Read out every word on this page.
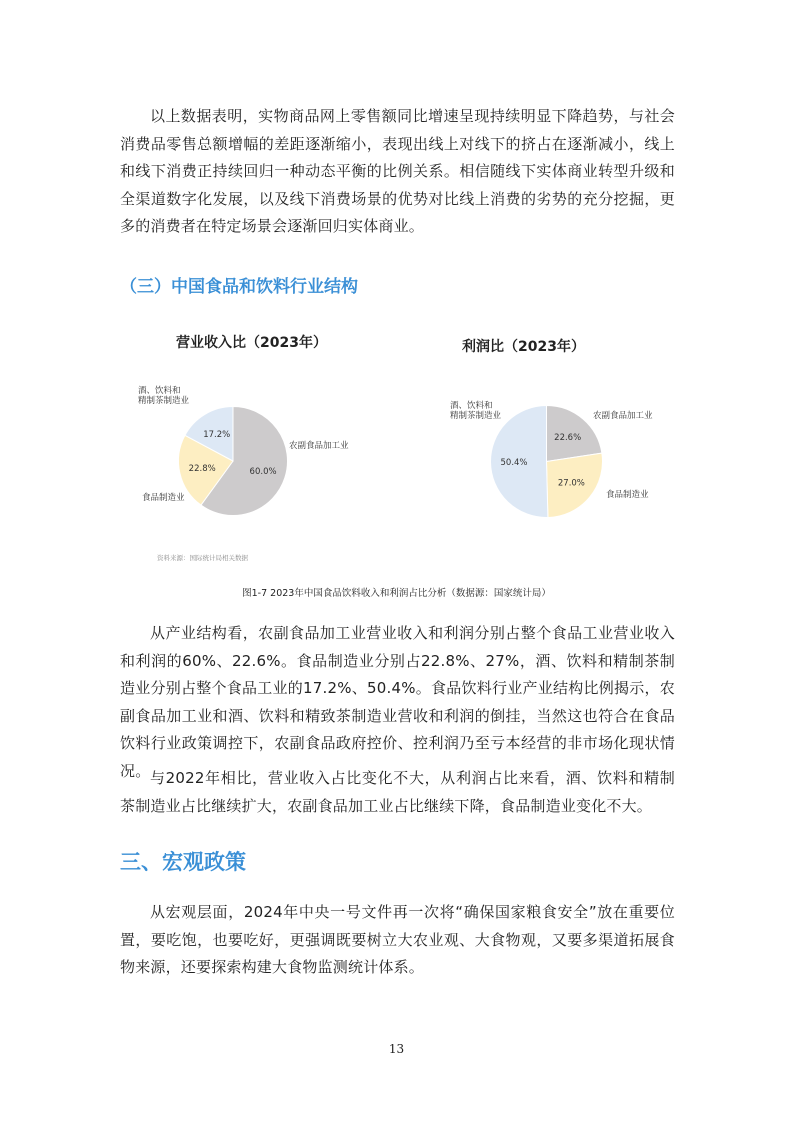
以上数据表明，实物商品网上零售额同比增速呈现持续明显下降趋势，与社会消费品零售总额增幅的差距逐渐缩小，表现出线上对线下的挤占在逐渐减小，线上和线下消费正持续回归一种动态平衡的比例关系。相信随线下实体商业转型升级和全渠道数字化发展，以及线下消费场景的优势对比线上消费的劣势的充分挖掘，更多的消费者在特定场景会逐渐回归实体商业。

（三）中国食品和饮料行业结构
营业收入比（2023年）
60.0%
22.8%
17.2%
农副食品加工业
食品制造业
酒、饮料和
精制茶制造业
利润比（2023年）
22.6%
27.0%
50.4%
农副食品加工业
食品制造业
酒、饮料和
精制茶制造业
资料来源：国际统计局相关数据

图1-7 2023年中国食品饮料收入和利润占比分析（数据源：国家统计局）

从产业结构看，农副食品加工业营业收入和利润分别占整个食品工业营业收入和利润的60%、22.6%。食品制造业分别占22.8%、27%，酒、饮料和精制茶制造业分别占整个食品工业的17.2%、50.4%。食品饮料行业产业结构比例揭示，农副食品加工业和酒、饮料和精致茶制造业营收和利润的倒挂，当然这也符合在食品饮料行业政策调控下，农副食品政府控价、控利润乃至亏本经营的非市场化现状情况。 与2022年相比，营业收入占比变化不大，从利润占比来看，酒、饮料和精制茶制造业占比继续扩大，农副食品加工业占比继续下降，食品制造业变化不大。

三、宏观政策

从宏观层面，2024年中央一号文件再一次将“确保国家粮食安全”放在重要位置，要吃饱，也要吃好，更强调既要树立大农业观、大食物观，又要多渠道拓展食物来源，还要探索构建大食物监测统计体系。

13
